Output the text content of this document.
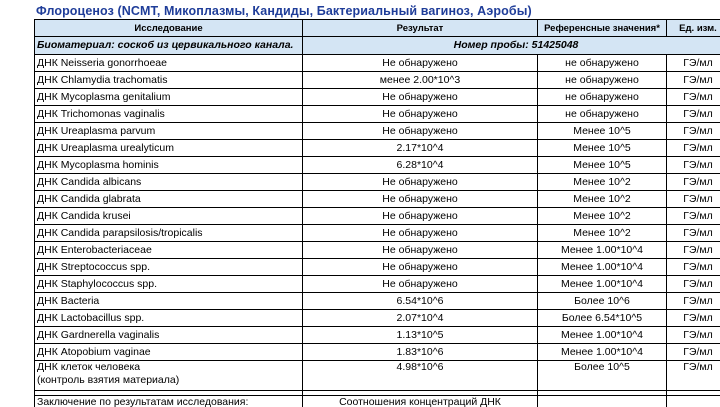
Флороценоз (NCMT, Микоплазмы, Кандиды, Бактериальный вагиноз, Аэробы)
Исследование	Результат	Референсные значения*	Ед. изм.
Биоматериал: соскоб из цервикального канала.	Номер пробы: 51425048		
ДНК Neisseria gonorrhoeae	Не обнаружено	не обнаружено	ГЭ/мл
ДНК Chlamydia trachomatis	менее 2.00*10^3	не обнаружено	ГЭ/мл
ДНК Mycoplasma genitalium	Не обнаружено	не обнаружено	ГЭ/мл
ДНК Trichomonas vaginalis	Не обнаружено	не обнаружено	ГЭ/мл
ДНК Ureaplasma parvum	Не обнаружено	Менее 10^5	ГЭ/мл
ДНК Ureaplasma urealyticum	2.17*10^4	Менее 10^5	ГЭ/мл
ДНК Mycoplasma hominis	6.28*10^4	Менее 10^5	ГЭ/мл
ДНК Candida albicans	Не обнаружено	Менее 10^2	ГЭ/мл
ДНК Candida glabrata	Не обнаружено	Менее 10^2	ГЭ/мл
ДНК Candida krusei	Не обнаружено	Менее 10^2	ГЭ/мл
ДНК Candida parapsilosis/tropicalis	Не обнаружено	Менее 10^2	ГЭ/мл
ДНК Enterobacteriaceae	Не обнаружено	Менее 1.00*10^4	ГЭ/мл
ДНК Streptococcus spp.	Не обнаружено	Менее 1.00*10^4	ГЭ/мл
ДНК Staphylococcus spp.	Не обнаружено	Менее 1.00*10^4	ГЭ/мл
ДНК Bacteria	6.54*10^6	Более 10^6	ГЭ/мл
ДНК Lactobacillus spp.	2.07*10^4	Более 6.54*10^5	ГЭ/мл
ДНК Gardnerella vaginalis	1.13*10^5	Менее 1.00*10^4	ГЭ/мл
ДНК Atopobium vaginae	1.83*10^6	Менее 1.00*10^4	ГЭ/мл

ДНК клеток человека
(контроль взятия материала)	4.98*10^6	Более 10^5	ГЭ/мл

Заключение по результатам исследования:	Соотношения концентраций ДНК		
